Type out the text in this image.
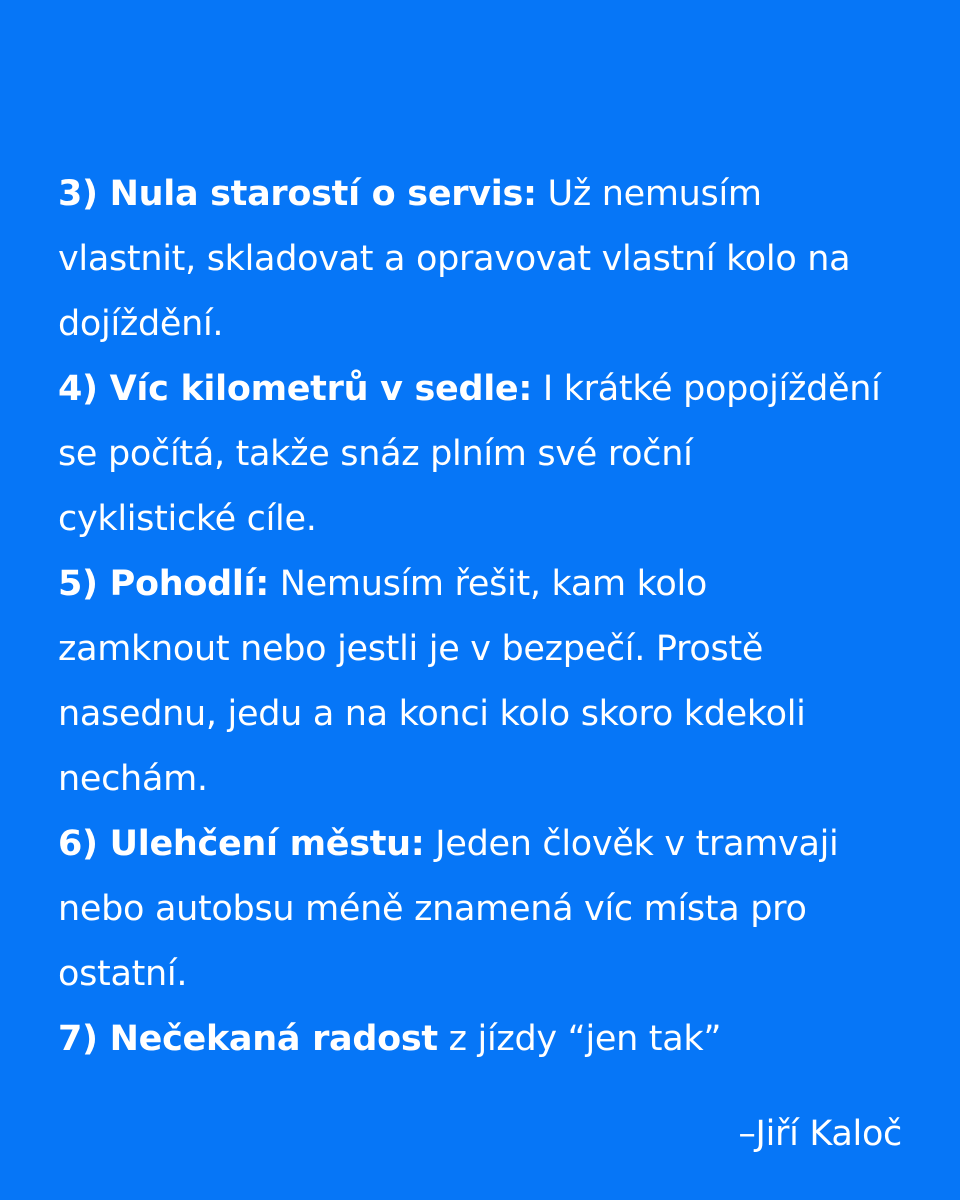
3) Nula starostí o servis: Už nemusím
vlastnit, skladovat a opravovat vlastní kolo na
dojíždění.
4) Víc kilometrů v sedle: I krátké popojíždění
se počítá, takže snáz plním své roční
cyklistické cíle.
5) Pohodlí: Nemusím řešit, kam kolo
zamknout nebo jestli je v bezpečí. Prostě
nasednu, jedu a na konci kolo skoro kdekoli
nechám.
6) Ulehčení městu: Jeden člověk v tramvaji
nebo autobsu méně znamená víc místa pro
ostatní.
7) Nečekaná radost z jízdy “jen tak”
–Jiří Kaloč
